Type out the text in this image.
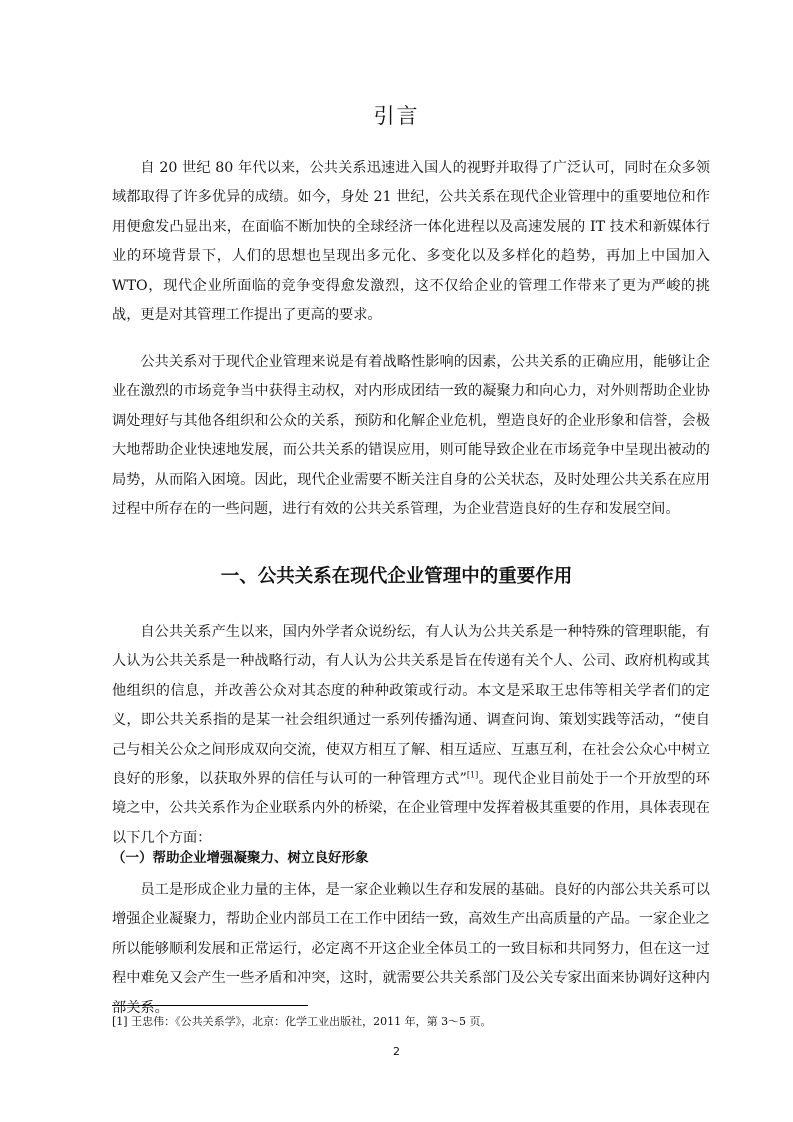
引言

自 20 世纪 80 年代以来，公共关系迅速进入国人的视野并取得了广泛认可，同时在众多领域都取得了许多优异的成绩。如今，身处 21 世纪，公共关系在现代企业管理中的重要地位和作用便愈发凸显出来，在面临不断加快的全球经济一体化进程以及高速发展的 IT 技术和新媒体行业的环境背景下，人们的思想也呈现出多元化、多变化以及多样化的趋势，再加上中国加入 WTO，现代企业所面临的竞争变得愈发激烈，这不仅给企业的管理工作带来了更为严峻的挑战，更是对其管理工作提出了更高的要求。

公共关系对于现代企业管理来说是有着战略性影响的因素，公共关系的正确应用，能够让企业在激烈的市场竞争当中获得主动权，对内形成团结一致的凝聚力和向心力，对外则帮助企业协调处理好与其他各组织和公众的关系，预防和化解企业危机，塑造良好的企业形象和信誉，会极大地帮助企业快速地发展，而公共关系的错误应用，则可能导致企业在市场竞争中呈现出被动的局势，从而陷入困境。因此，现代企业需要不断关注自身的公关状态，及时处理公共关系在应用过程中所存在的一些问题，进行有效的公共关系管理，为企业营造良好的生存和发展空间。

一、公共关系在现代企业管理中的重要作用

自公共关系产生以来，国内外学者众说纷纭，有人认为公共关系是一种特殊的管理职能，有人认为公共关系是一种战略行动，有人认为公共关系是旨在传递有关个人、公司、政府机构或其他组织的信息，并改善公众对其态度的种种政策或行动。本文是采取王忠伟等相关学者们的定义，即公共关系指的是某一社会组织通过一系列传播沟通、调查问询、策划实践等活动，“使自己与相关公众之间形成双向交流，使双方相互了解、相互适应、互惠互利，在社会公众心中树立良好的形象，以获取外界的信任与认可的一种管理方式”[1]。现代企业目前处于一个开放型的环境之中，公共关系作为企业联系内外的桥梁，在企业管理中发挥着极其重要的作用，具体表现在以下几个方面：

（一）帮助企业增强凝聚力、树立良好形象

员工是形成企业力量的主体，是一家企业赖以生存和发展的基础。良好的内部公共关系可以增强企业凝聚力，帮助企业内部员工在工作中团结一致，高效生产出高质量的产品。一家企业之所以能够顺利发展和正常运行，必定离不开这企业全体员工的一致目标和共同努力，但在这一过程中难免又会产生一些矛盾和冲突，这时，就需要公共关系部门及公关专家出面来协调好这种内部关系。

[1] 王忠伟：《公共关系学》，北京：化学工业出版社，2011 年，第 3～5 页。
2
